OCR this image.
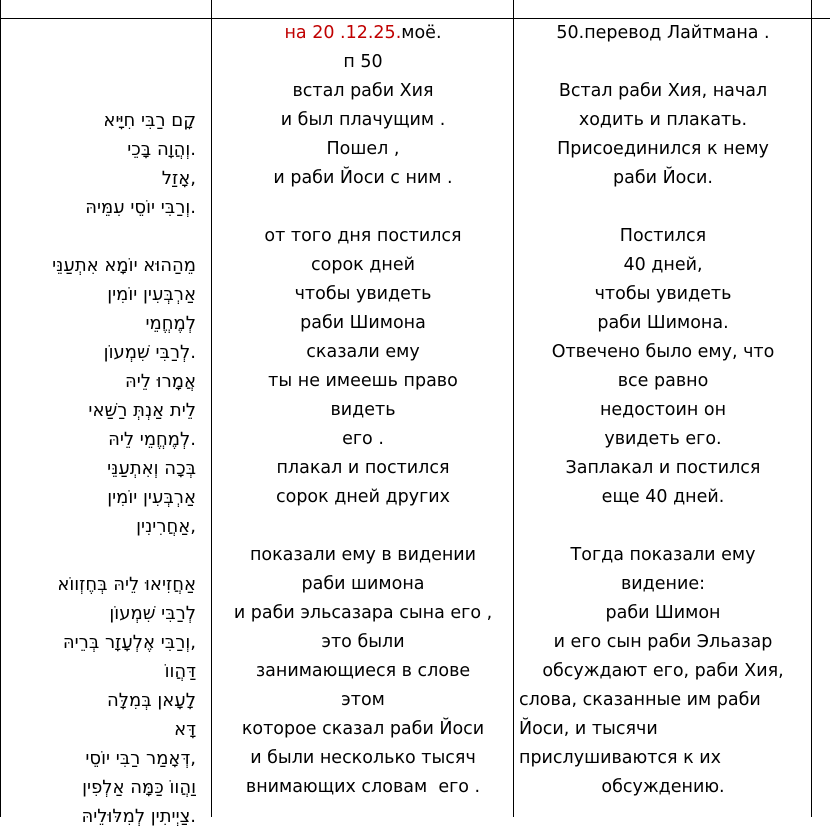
קָם רַבִּי חִיָּיא
.וְהֲוָה בָּכֵי
,אָזַל
.וְרַבִּי יוֹסֵי עִמֵּיהּ
מֵהַהוּא יוֹמָא אִתְעַנֵּי
אַרְבְּעִין יוֹמִין
לְמֶחֱמֵי
.לְרַבִּי שִׁמְעוֹן
אֲמָרוּ לֵיהּ
לֵית אַנְתְּ רַשַּׁאי
.לְמֶחֱמֵי לֵיהּ
בְּכָה וְאִתְעַנֵּי
אַרְבְּעִין יוֹמִין
,אַחֲרִינִין
אַחֲזִיאוּ לֵיהּ בְּחֶזְווֹא
לְרַבִּי שִׁמְעוֹן
,וְרַבִּי אֶלְעָזָר בְּרֵיהּ
דַּהֲווֹ
לָעָאן בְּמִלָּה
דָּא
,דְּאָמַר רַבִּי יוֹסֵי
וַהֲווֹ כַּמָּה אַלְפִין
.צַיְיתִין לְמִלּוּלֵיהּ
на 20 .12.25.моё.
п 50
встал раби Хия
и был плачущим .
Пошел ,
и раби Йоси с ним .
от того дня постился
сорок дней
чтобы увидеть
раби Шимона
сказали ему
ты не имеешь право
видеть
его .
плакал и постился
сорок дней других
показали ему в видении
раби шимона
и раби эльсазара сына его ,
это были
занимающиеся в слове
этом
которое сказал раби Йоси
и были несколько тысяч
внимающих словам  его .
50.перевод Лайтмана .
Встал раби Хия, начал
ходить и плакать.
Присоединился к нему
раби Йоси.
Постился
40 дней,
чтобы увидеть
раби Шимона.
Отвечено было ему, что
все равно
недостоин он
увидеть его.
Заплакал и постился
еще 40 дней.
Тогда показали ему
видение:
раби Шимон
и его сын раби Эльазар
обсуждают его, раби Хия,
слова, сказанные им раби
Йоси, и тысячи
прислушиваются к их
обсуждению.
